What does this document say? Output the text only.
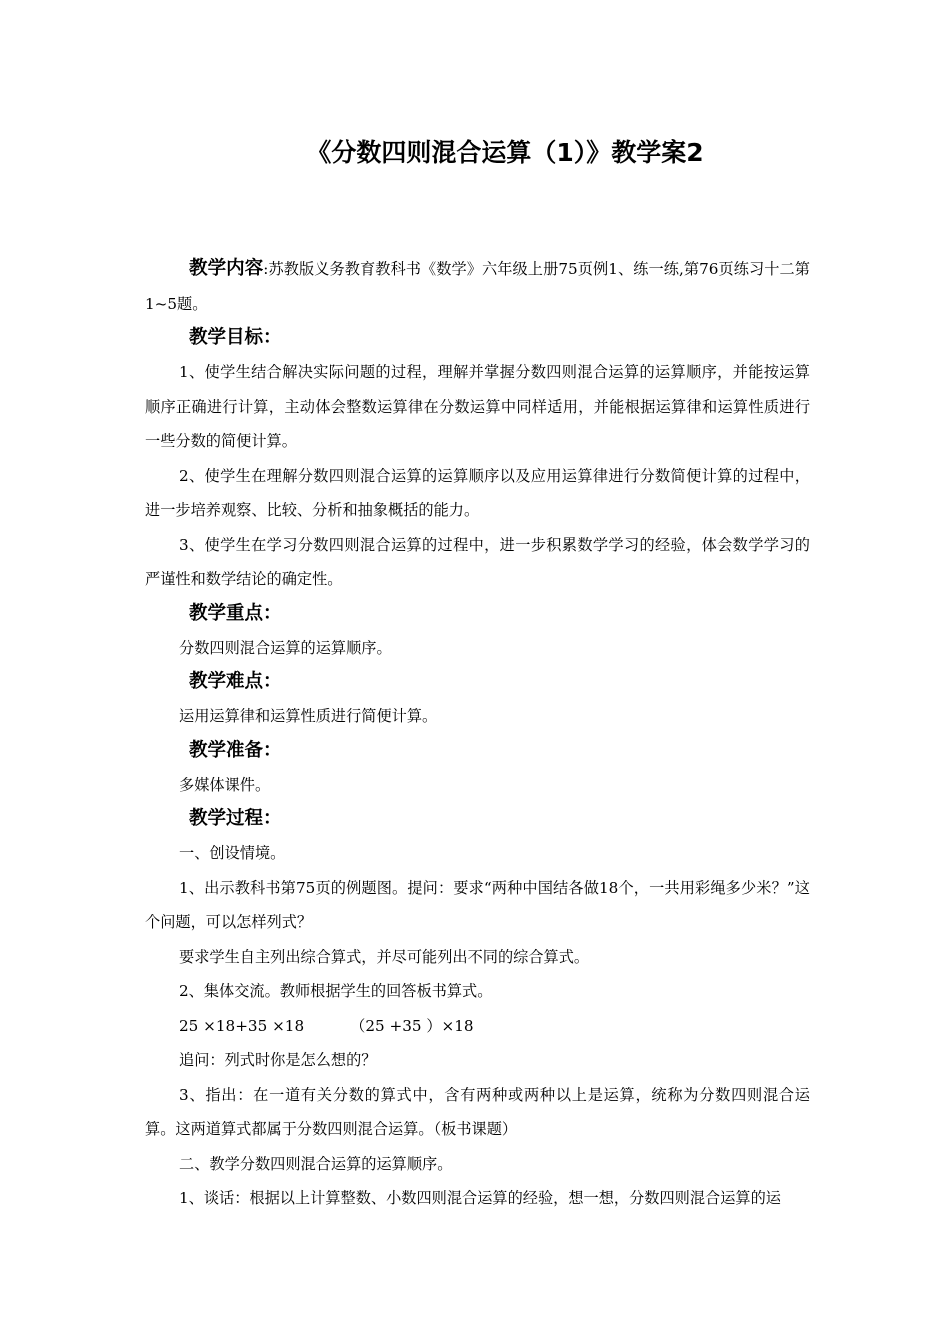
《分数四则混合运算（1）》教学案2

教学内容:苏教版义务教育教科书《数学》六年级上册75页例1、练一练,第76页练习十二第1~5题。

教学目标：

1、使学生结合解决实际问题的过程，理解并掌握分数四则混合运算的运算顺序，并能按运算顺序正确进行计算，主动体会整数运算律在分数运算中同样适用，并能根据运算律和运算性质进行一些分数的简便计算。

2、使学生在理解分数四则混合运算的运算顺序以及应用运算律进行分数简便计算的过程中，进一步培养观察、比较、分析和抽象概括的能力。

3、使学生在学习分数四则混合运算的过程中，进一步积累数学学习的经验，体会数学学习的严谨性和数学结论的确定性。

教学重点：

分数四则混合运算的运算顺序。

教学难点：

运用运算律和运算性质进行简便计算。

教学准备：

多媒体课件。

教学过程：

一、创设情境。

1、出示教科书第75页的例题图。提问：要求“两种中国结各做18个，一共用彩绳多少米？”这个问题，可以怎样列式？

要求学生自主列出综合算式，并尽可能列出不同的综合算式。

2、集体交流。教师根据学生的回答板书算式。

25 ×18+35 ×18	（25 +35 ）×18

追问：列式时你是怎么想的？

3、指出：在一道有关分数的算式中，含有两种或两种以上是运算，统称为分数四则混合运算。这两道算式都属于分数四则混合运算。（板书课题）

二、教学分数四则混合运算的运算顺序。

1、谈话：根据以上计算整数、小数四则混合运算的经验，想一想，分数四则混合运算的运
